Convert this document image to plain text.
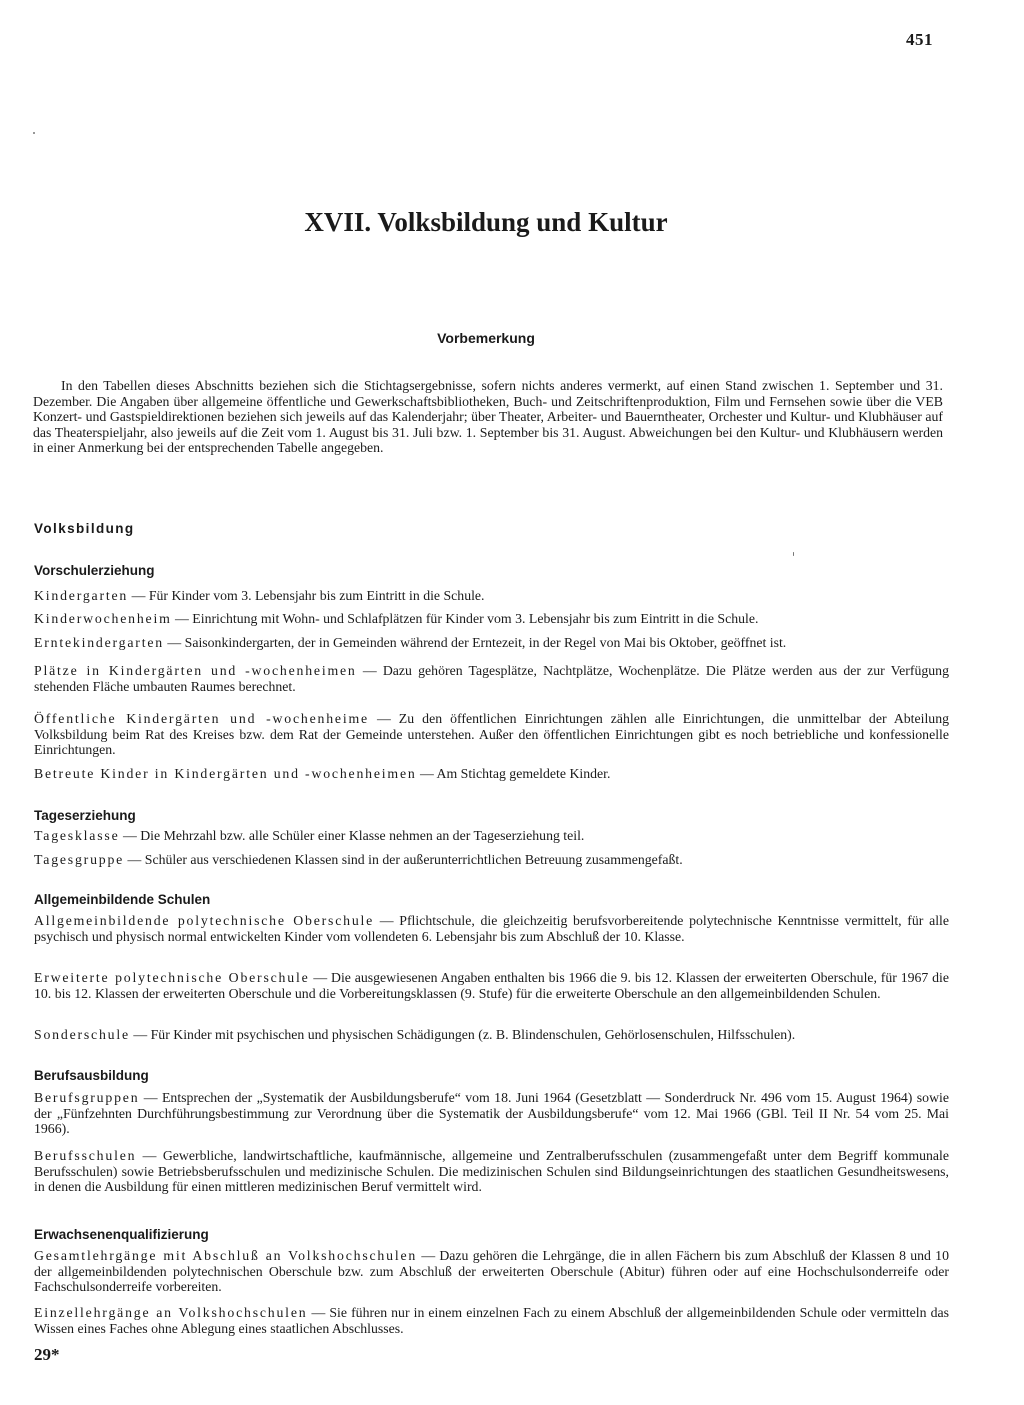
451
XVII. Volksbildung und Kultur
Vorbemerkung

In den Tabellen dieses Abschnitts beziehen sich die Stichtagsergebnisse, sofern nichts anderes vermerkt, auf einen Stand zwischen 1. September und 31. Dezember. Die Angaben über allgemeine öffentliche und Gewerkschaftsbibliotheken, Buch- und Zeitschriftenproduktion, Film und Fernsehen sowie über die VEB Konzert- und Gastspieldirektionen beziehen sich jeweils auf das Kalenderjahr; über Theater, Arbeiter- und Bauerntheater, Orchester und Kultur- und Klubhäuser auf das Theaterspieljahr, also jeweils auf die Zeit vom 1. August bis 31. Juli bzw. 1. September bis 31. August. Abweichungen bei den Kultur- und Klubhäusern werden in einer Anmerkung bei der entsprechenden Tabelle angegeben.

Volksbildung
Vorschulerziehung

Kindergarten — Für Kinder vom 3. Lebensjahr bis zum Eintritt in die Schule.

Kinderwochenheim — Einrichtung mit Wohn- und Schlafplätzen für Kinder vom 3. Lebensjahr bis zum Eintritt in die Schule.

Erntekindergarten — Saisonkindergarten, der in Gemeinden während der Erntezeit, in der Regel von Mai bis Oktober, geöffnet ist.

Plätze in Kindergärten und -wochenheimen — Dazu gehören Tagesplätze, Nachtplätze, Wochenplätze. Die Plätze werden aus der zur Verfügung stehenden Fläche umbauten Raumes berechnet.

Öffentliche Kindergärten und -wochenheime — Zu den öffentlichen Einrichtungen zählen alle Einrichtungen, die unmittelbar der Abteilung Volksbildung beim Rat des Kreises bzw. dem Rat der Gemeinde unterstehen. Außer den öffentlichen Einrichtungen gibt es noch betriebliche und konfessionelle Einrichtungen.

Betreute Kinder in Kindergärten und -wochenheimen — Am Stichtag gemeldete Kinder.

Tageserziehung

Tagesklasse — Die Mehrzahl bzw. alle Schüler einer Klasse nehmen an der Tageserziehung teil.

Tagesgruppe — Schüler aus verschiedenen Klassen sind in der außerunterrichtlichen Betreuung zusammengefaßt.

Allgemeinbildende Schulen

Allgemeinbildende polytechnische Oberschule — Pflichtschule, die gleichzeitig berufsvorbereitende polytechnische Kenntnisse vermittelt, für alle psychisch und physisch normal entwickelten Kinder vom vollendeten 6. Lebensjahr bis zum Abschluß der 10. Klasse.

Erweiterte polytechnische Oberschule — Die ausgewiesenen Angaben enthalten bis 1966 die 9. bis 12. Klassen der erweiterten Oberschule, für 1967 die 10. bis 12. Klassen der erweiterten Oberschule und die Vorbereitungsklassen (9. Stufe) für die erweiterte Oberschule an den allgemeinbildenden Schulen.

Sonderschule — Für Kinder mit psychischen und physischen Schädigungen (z. B. Blindenschulen, Gehörlosenschulen, Hilfsschulen).

Berufsausbildung

Berufsgruppen — Entsprechen der „Systematik der Ausbildungsberufe“ vom 18. Juni 1964 (Gesetzblatt — Sonderdruck Nr. 496 vom 15. August 1964) sowie der „Fünfzehnten Durchführungsbestimmung zur Verordnung über die Systematik der Ausbildungsberufe“ vom 12. Mai 1966 (GBl. Teil II Nr. 54 vom 25. Mai 1966).

Berufsschulen — Gewerbliche, landwirtschaftliche, kaufmännische, allgemeine und Zentralberufsschulen (zusammengefaßt unter dem Begriff kommunale Berufsschulen) sowie Betriebsberufsschulen und medizinische Schulen. Die medizinischen Schulen sind Bildungseinrichtungen des staatlichen Gesundheitswesens, in denen die Ausbildung für einen mittleren medizinischen Beruf vermittelt wird.

Erwachsenenqualifizierung

Gesamtlehrgänge mit Abschluß an Volkshochschulen — Dazu gehören die Lehrgänge, die in allen Fächern bis zum Abschluß der Klassen 8 und 10 der allgemeinbildenden polytechnischen Oberschule bzw. zum Abschluß der erweiterten Oberschule (Abitur) führen oder auf eine Hochschulsonderreife oder Fachschulsonderreife vorbereiten.

Einzellehrgänge an Volkshochschulen — Sie führen nur in einem einzelnen Fach zu einem Abschluß der allgemeinbildenden Schule oder vermitteln das Wissen eines Faches ohne Ablegung eines staatlichen Abschlusses.

29*
